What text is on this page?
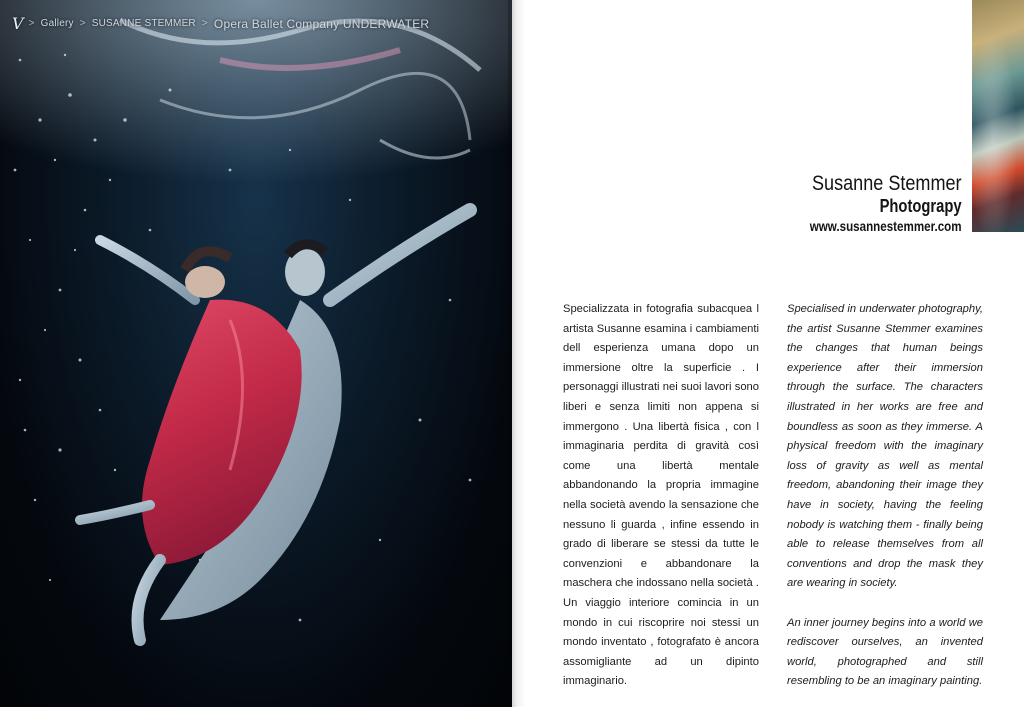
V > Gallery > SUSANNE STEMMER > Opera Ballet Company UNDERWATER
Susanne Stemmer
Photograpy
www.susannestemmer.com

Specializzata in fotografia subacquea l artista Susanne esamina i cambiamenti dell esperienza umana dopo un immersione oltre la superficie . I personaggi illustrati nei suoi lavori sono liberi e senza limiti non appena si immergono . Una libertà fisica , con l immaginaria perdita di gravità così come una libertà mentale abbandonando la propria immagine nella società avendo la sensazione che nessuno li guarda , infine essendo in grado di liberare se stessi da tutte le convenzioni e abbandonare la maschera che indossano nella società .

Un viaggio interiore comincia in un mondo in cui riscoprire noi stessi un mondo inventato , fotografato è ancora assomigliante ad un dipinto immaginario.

Specialised in underwater photography, the artist Susanne Stemmer examines the changes that human beings experience after their immersion through the surface. The characters illustrated in her works are free and boundless as soon as they immerse. A physical freedom with the imaginary loss of gravity as well as mental freedom, abandoning their image they have in society, having the feeling nobody is watching them - finally being able to release themselves from all conventions and drop the mask they are wearing in society.

An inner journey begins into a world we rediscover ourselves, an invented world, photographed and still resembling to be an imaginary painting.
